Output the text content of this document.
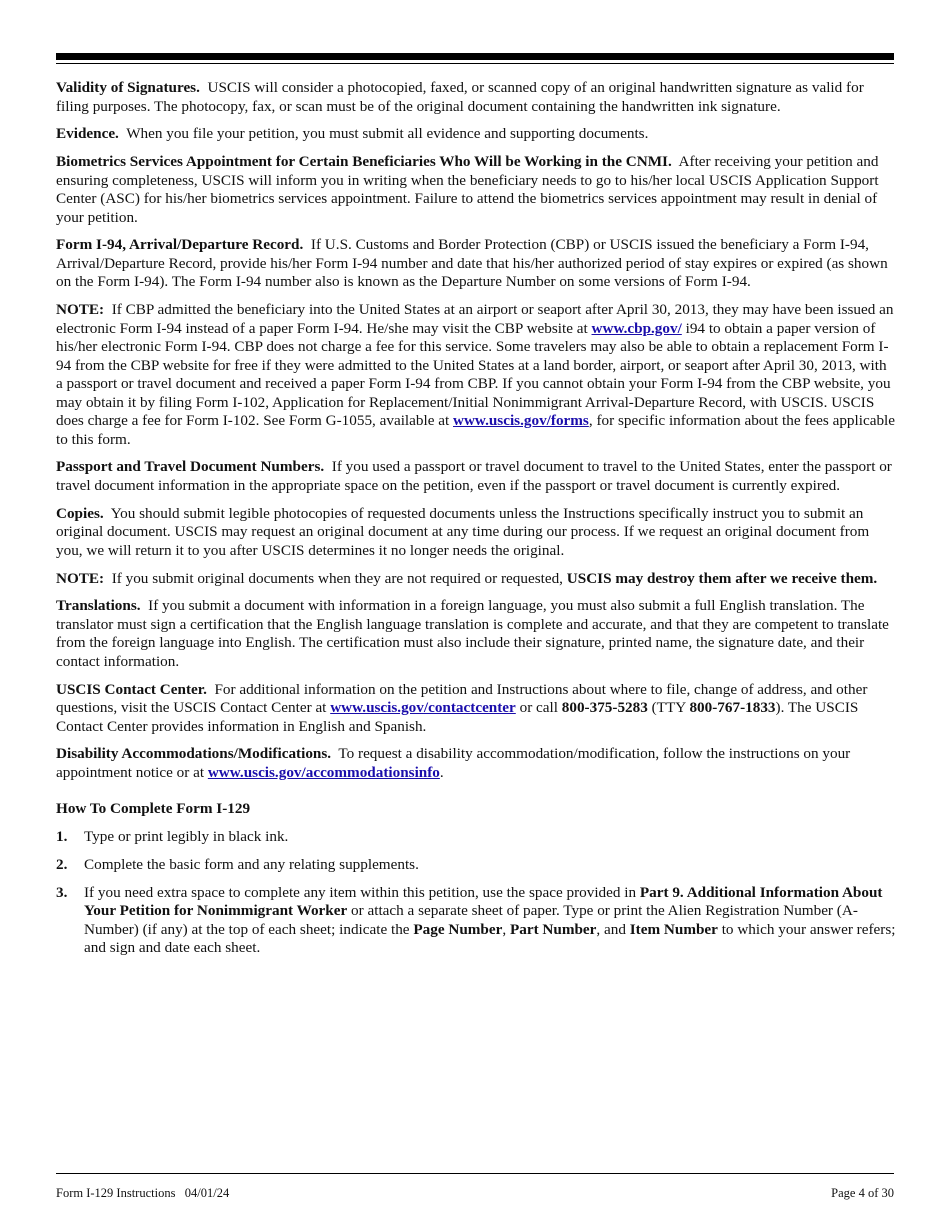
Validity of Signatures. USCIS will consider a photocopied, faxed, or scanned copy of an original handwritten signature as valid for filing purposes. The photocopy, fax, or scan must be of the original document containing the handwritten ink signature.

Evidence. When you file your petition, you must submit all evidence and supporting documents.

Biometrics Services Appointment for Certain Beneficiaries Who Will be Working in the CNMI. After receiving your petition and ensuring completeness, USCIS will inform you in writing when the beneficiary needs to go to his/her local USCIS Application Support Center (ASC) for his/her biometrics services appointment. Failure to attend the biometrics services appointment may result in denial of your petition.

Form I-94, Arrival/Departure Record. If U.S. Customs and Border Protection (CBP) or USCIS issued the beneficiary a Form I-94, Arrival/Departure Record, provide his/her Form I-94 number and date that his/her authorized period of stay expires or expired (as shown on the Form I-94). The Form I-94 number also is known as the Departure Number on some versions of Form I-94.

NOTE: If CBP admitted the beneficiary into the United States at an airport or seaport after April 30, 2013, they may have been issued an electronic Form I-94 instead of a paper Form I-94. He/she may visit the CBP website at www.cbp.gov/ i94 to obtain a paper version of his/her electronic Form I-94. CBP does not charge a fee for this service. Some travelers may also be able to obtain a replacement Form I-94 from the CBP website for free if they were admitted to the United States at a land border, airport, or seaport after April 30, 2013, with a passport or travel document and received a paper Form I-94 from CBP. If you cannot obtain your Form I-94 from the CBP website, you may obtain it by filing Form I-102, Application for Replacement/Initial Nonimmigrant Arrival-Departure Record, with USCIS. USCIS does charge a fee for Form I-102. See Form G-1055, available at www.uscis.gov/forms, for specific information about the fees applicable to this form.

Passport and Travel Document Numbers. If you used a passport or travel document to travel to the United States, enter the passport or travel document information in the appropriate space on the petition, even if the passport or travel document is currently expired.

Copies. You should submit legible photocopies of requested documents unless the Instructions specifically instruct you to submit an original document. USCIS may request an original document at any time during our process. If we request an original document from you, we will return it to you after USCIS determines it no longer needs the original.

NOTE: If you submit original documents when they are not required or requested, USCIS may destroy them after we receive them.

Translations. If you submit a document with information in a foreign language, you must also submit a full English translation. The translator must sign a certification that the English language translation is complete and accurate, and that they are competent to translate from the foreign language into English. The certification must also include their signature, printed name, the signature date, and their contact information.

USCIS Contact Center. For additional information on the petition and Instructions about where to file, change of address, and other questions, visit the USCIS Contact Center at www.uscis.gov/contactcenter or call 800-375-5283 (TTY 800-767-1833). The USCIS Contact Center provides information in English and Spanish.

Disability Accommodations/Modifications. To request a disability accommodation/modification, follow the instructions on your appointment notice or at www.uscis.gov/accommodationsinfo.

How To Complete Form I-129

1.	Type or print legibly in black ink.
2.	Complete the basic form and any relating supplements.
3.	If you need extra space to complete any item within this petition, use the space provided in Part 9. Additional Information About Your Petition for Nonimmigrant Worker or attach a separate sheet of paper. Type or print the Alien Registration Number (A-Number) (if any) at the top of each sheet; indicate the Page Number, Part Number, and Item Number to which your answer refers; and sign and date each sheet.
Form I-129 Instructions   04/01/24	Page 4 of 30
